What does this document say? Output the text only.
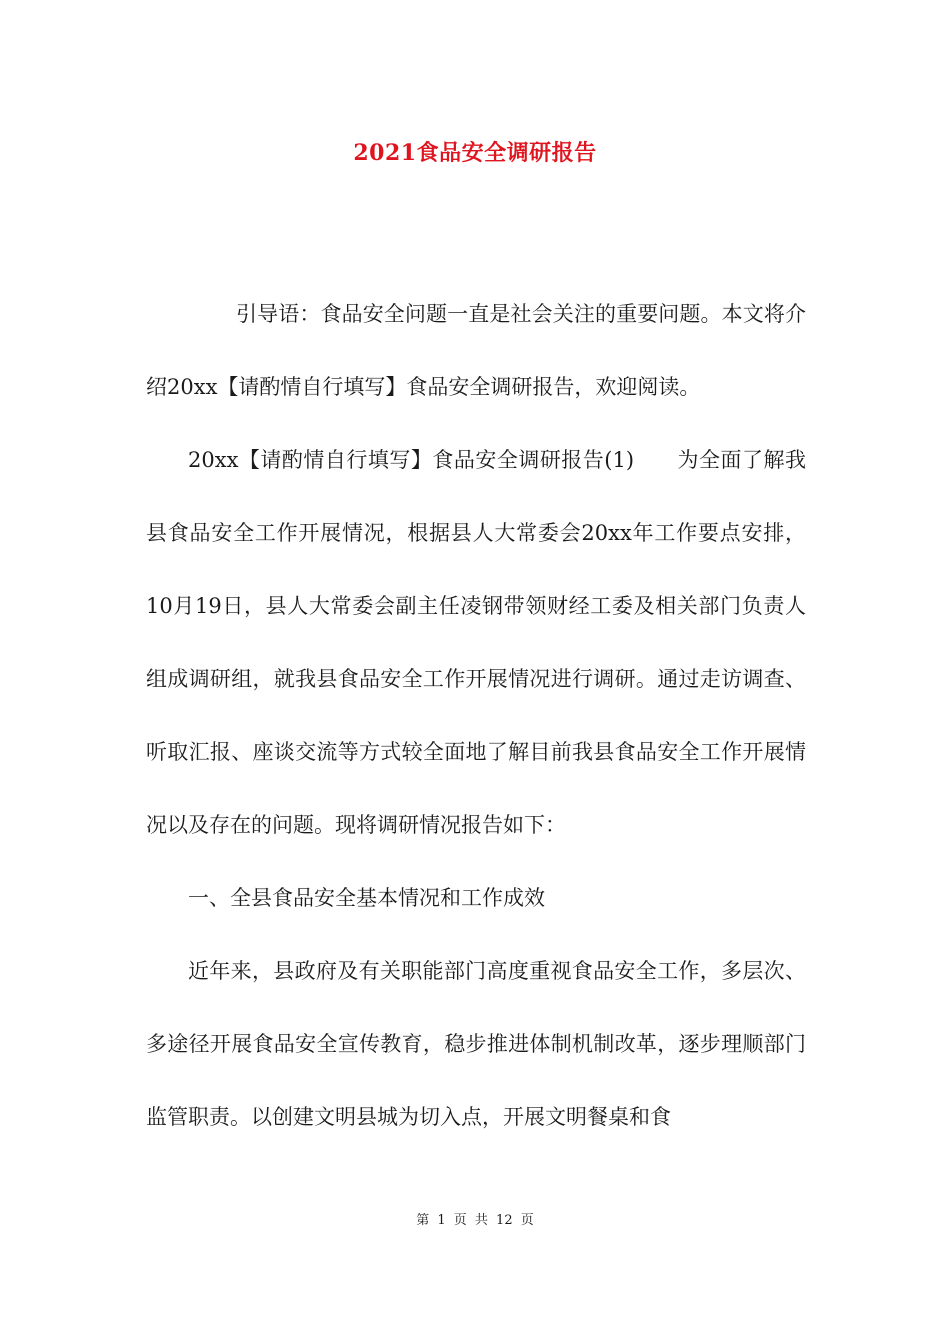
2021食品安全调研报告

引导语：食品安全问题一直是社会关注的重要问题。本文将介绍20xx【请酌情自行填写】食品安全调研报告，欢迎阅读。

20xx【请酌情自行填写】食品安全调研报告(1)　　为全面了解我县食品安全工作开展情况，根据县人大常委会20xx年工作要点安排，10月19日，县人大常委会副主任凌钢带领财经工委及相关部门负责人组成调研组，就我县食品安全工作开展情况进行调研。通过走访调查、听取汇报、座谈交流等方式较全面地了解目前我县食品安全工作开展情况以及存在的问题。现将调研情况报告如下：

一、全县食品安全基本情况和工作成效

近年来，县政府及有关职能部门高度重视食品安全工作，多层次、多途径开展食品安全宣传教育，稳步推进体制机制改革，逐步理顺部门监管职责。以创建文明县城为切入点，开展文明餐桌和食

第 1 页 共 12 页
